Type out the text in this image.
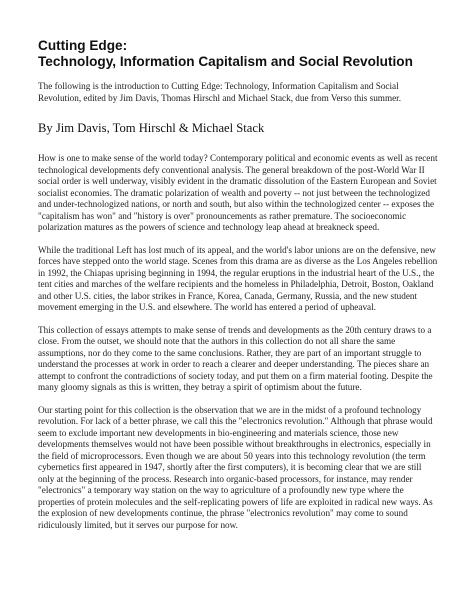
Cutting Edge:
Technology, Information Capitalism and Social Revolution

The following is the introduction to Cutting Edge: Technology, Information Capitalism and Social Revolution, edited by Jim Davis, Thomas Hirschl and Michael Stack, due from Verso this summer.

By Jim Davis, Tom Hirschl & Michael Stack

How is one to make sense of the world today? Contemporary political and economic events as well as recent technological developments defy conventional analysis. The general breakdown of the post-World War II social order is well underway, visibly evident in the dramatic dissolution of the Eastern European and Soviet socialist economies. The dramatic polarization of wealth and poverty -- not just between the technologized and under-technologized nations, or north and south, but also within the technologized center -- exposes the "capitalism has won" and "history is over" pronouncements as rather premature. The socioeconomic polarization matures as the powers of science and technology leap ahead at breakneck speed.

While the traditional Left has lost much of its appeal, and the world's labor unions are on the defensive, new forces have stepped onto the world stage. Scenes from this drama are as diverse as the Los Angeles rebellion in 1992, the Chiapas uprising beginning in 1994, the regular eruptions in the industrial heart of the U.S., the tent cities and marches of the welfare recipients and the homeless in Philadelphia, Detroit, Boston, Oakland and other U.S. cities, the labor strikes in France, Korea, Canada, Germany, Russia, and the new student movement emerging in the U.S. and elsewhere. The world has entered a period of upheaval.

This collection of essays attempts to make sense of trends and developments as the 20th century draws to a close. From the outset, we should note that the authors in this collection do not all share the same assumptions, nor do they come to the same conclusions. Rather, they are part of an important struggle to understand the processes at work in order to reach a clearer and deeper understanding. The pieces share an attempt to confront the contradictions of society today, and put them on a firm material footing. Despite the many gloomy signals as this is written, they betray a spirit of optimism about the future.

Our starting point for this collection is the observation that we are in the midst of a profound technology revolution. For lack of a better phrase, we call this the "electronics revolution." Although that phrase would seem to exclude important new developments in bio-engineering and materials science, those new developments themselves would not have been possible without breakthroughs in electronics, especially in the field of microprocessors. Even though we are about 50 years into this technology revolution (the term cybernetics first appeared in 1947, shortly after the first computers), it is becoming clear that we are still only at the beginning of the process. Research into organic-based processors, for instance, may render "electronics" a temporary way station on the way to agriculture of a profoundly new type where the properties of protein molecules and the self-replicating powers of life are exploited in radical new ways. As the explosion of new developments continue, the phrase "electronics revolution" may come to sound ridiculously limited, but it serves our purpose for now.
